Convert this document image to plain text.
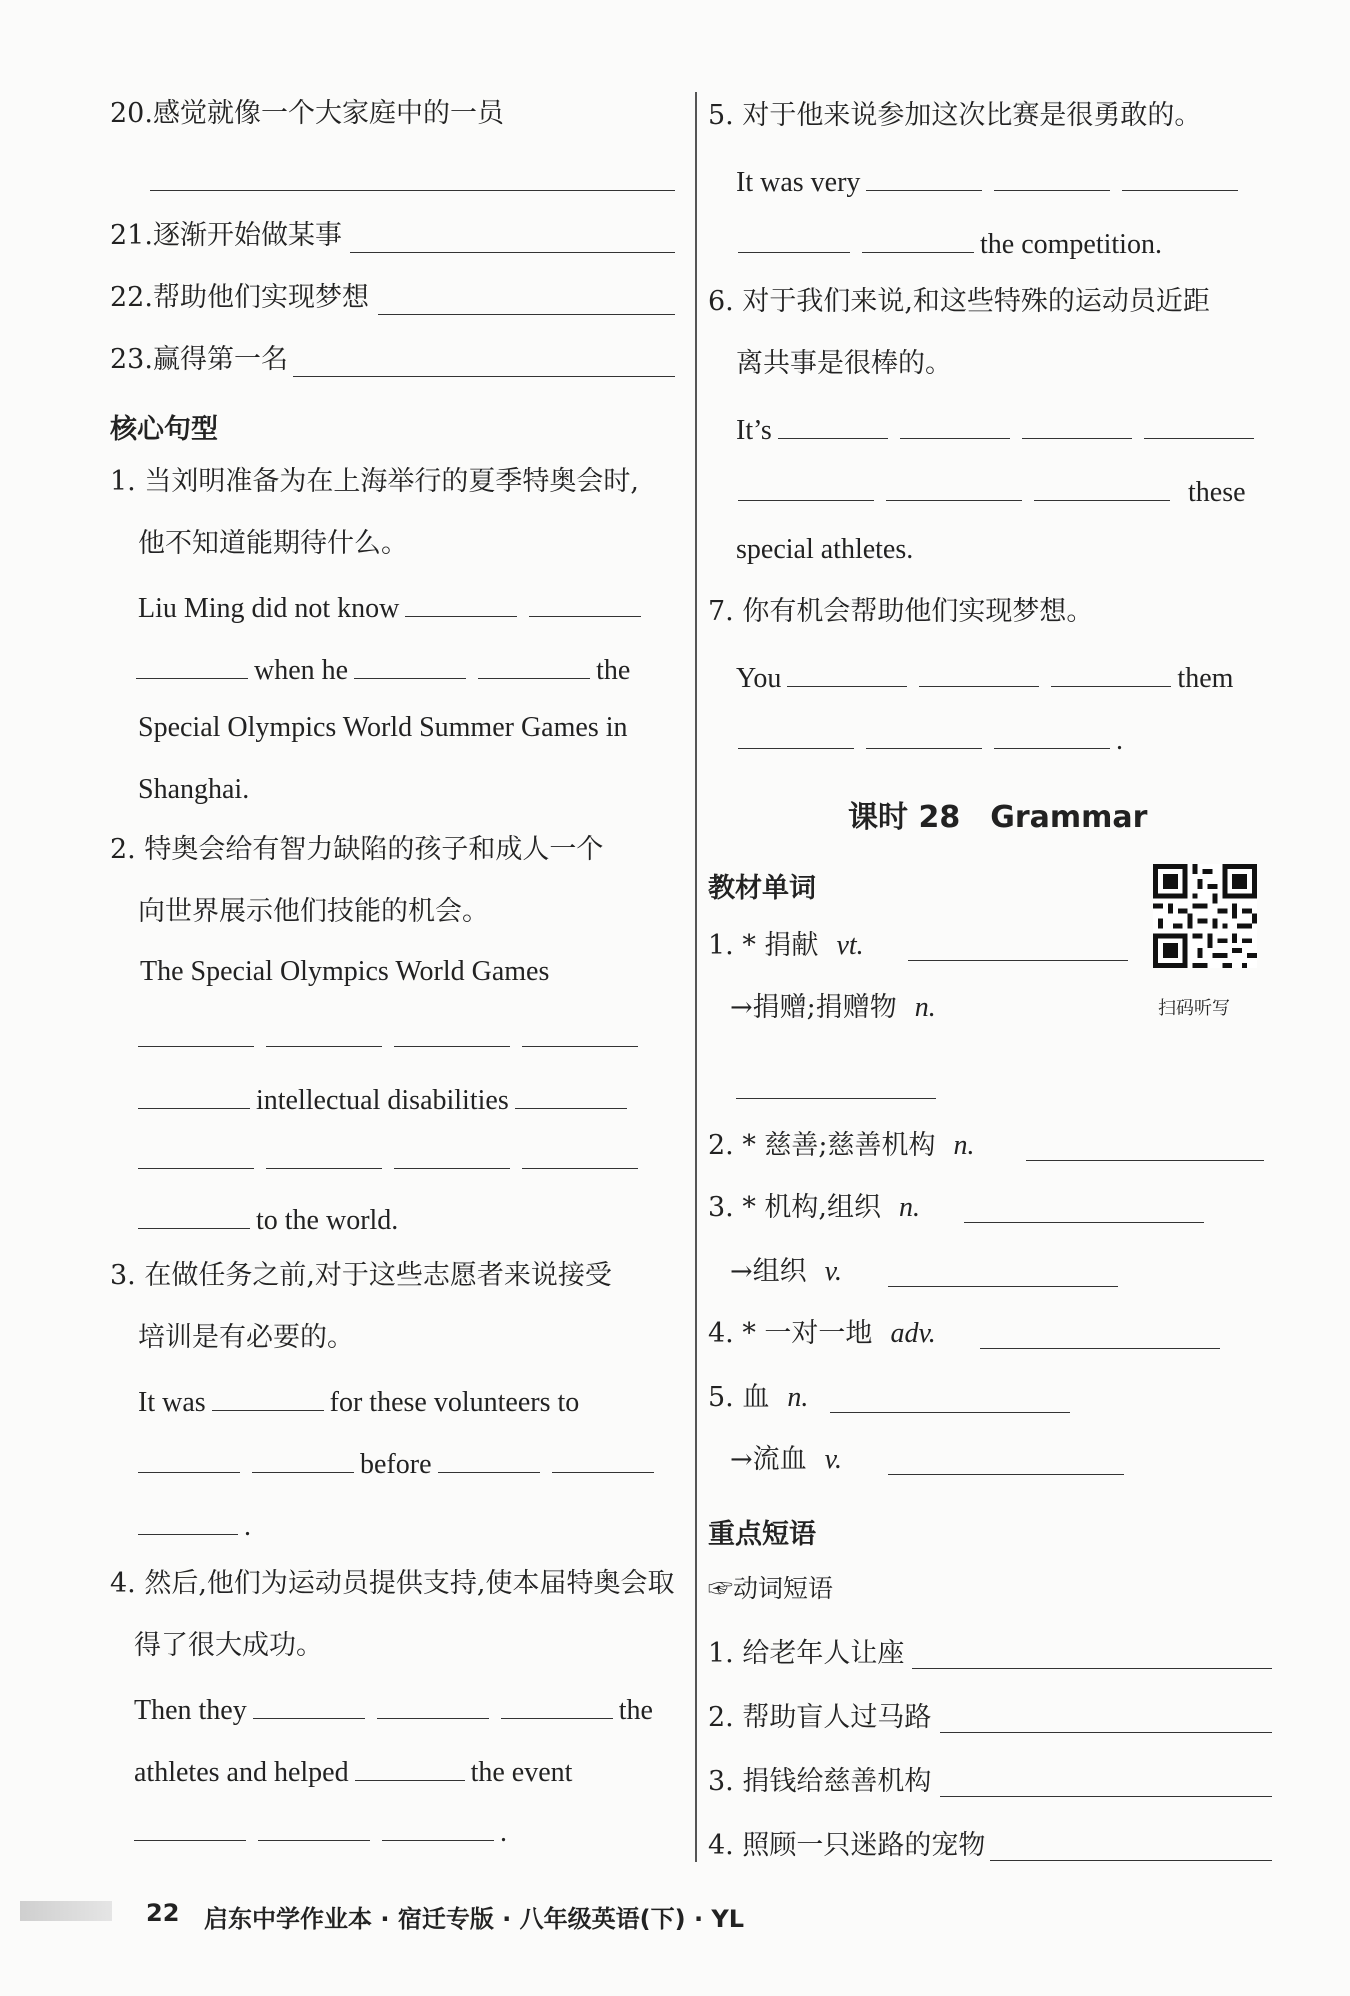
20.感觉就像一个大家庭中的一员
21.逐渐开始做某事
22.帮助他们实现梦想
23.赢得第一名
核心句型
1. 当刘明准备为在上海举行的夏季特奥会时,
他不知道能期待什么。
Liu Ming did not know
when he	the
Special Olympics World Summer Games in
Shanghai.
2. 特奥会给有智力缺陷的孩子和成人一个
向世界展示他们技能的机会。
The Special Olympics World Games
intellectual disabilities
to the world.
3. 在做任务之前,对于这些志愿者来说接受
培训是有必要的。
It was	for these volunteers to
before
.
4. 然后,他们为运动员提供支持,使本届特奥会取
得了很大成功。
Then they	the
athletes and helped	the event
.
5. 对于他来说参加这次比赛是很勇敢的。
It was very
the competition.
6. 对于我们来说,和这些特殊的运动员近距
离共事是很棒的。
It’s
these
special athletes.
7. 你有机会帮助他们实现梦想。
You	them
.
课时 28　Grammar
教材单词
1. * 捐献 vt.
→捐赠;捐赠物 n.
2. * 慈善;慈善机构 n.
3. * 机构,组织 n.
→组织 v.
4. * 一对一地 adv.
5. 血 n.
→流血 v.
重点短语
☞动词短语
1. 给老年人让座
2. 帮助盲人过马路
3. 捐钱给慈善机构
4. 照顾一只迷路的宠物
扫码听写
22 启东中学作业本 · 宿迁专版 · 八年级英语(下) · YL
